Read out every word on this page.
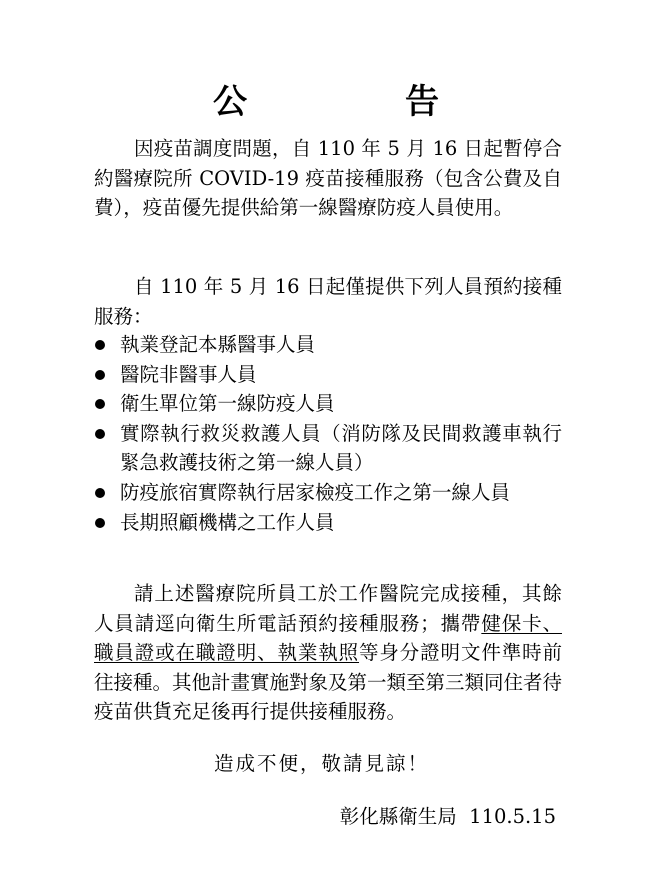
公　告
因疫苗調度問題，自 110 年 5 月 16 日起暫停合約醫療院所 COVID-19 疫苗接種服務（包含公費及自費），疫苗優先提供給第一線醫療防疫人員使用。
自 110 年 5 月 16 日起僅提供下列人員預約接種服務：
執業登記本縣醫事人員
醫院非醫事人員
衛生單位第一線防疫人員
實際執行救災救護人員（消防隊及民間救護車執行緊急救護技術之第一線人員）
防疫旅宿實際執行居家檢疫工作之第一線人員
長期照顧機構之工作人員
請上述醫療院所員工於工作醫院完成接種，其餘人員請逕向衛生所電話預約接種服務；攜帶健保卡、職員證或在職證明、執業執照等身分證明文件準時前往接種。其他計畫實施對象及第一類至第三類同住者待疫苗供貨充足後再行提供接種服務。
造成不便，敬請見諒！
彰化縣衛生局 110.5.15
